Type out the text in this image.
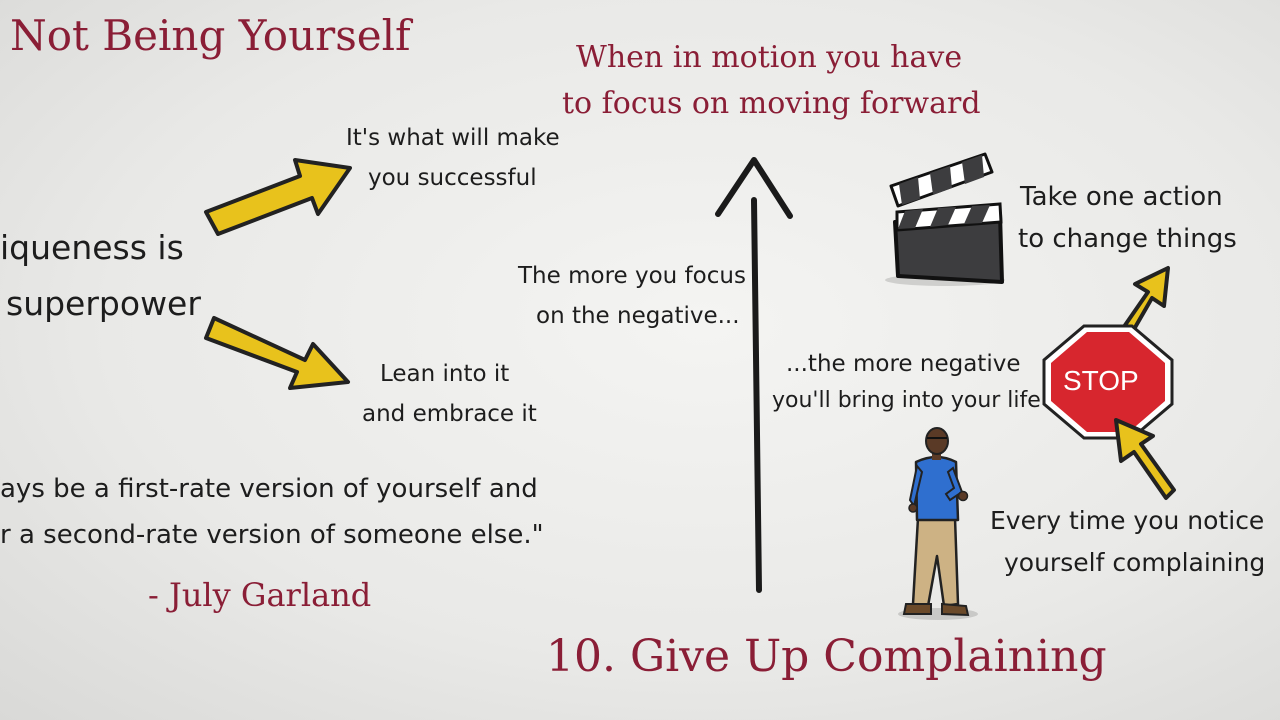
Not Being Yourself
iqueness is
superpower
It's what will make
you successful
Lean into it
and embrace it
ays be a first-rate version of yourself and
r a second-rate version of someone else."
- July Garland
When in motion you have
to focus on moving forward
The more you focus
on the negative...
...the more negative
you'll bring into your life
Take one action
to change things
STOP
Every time you notice
yourself complaining
10. Give Up Complaining
